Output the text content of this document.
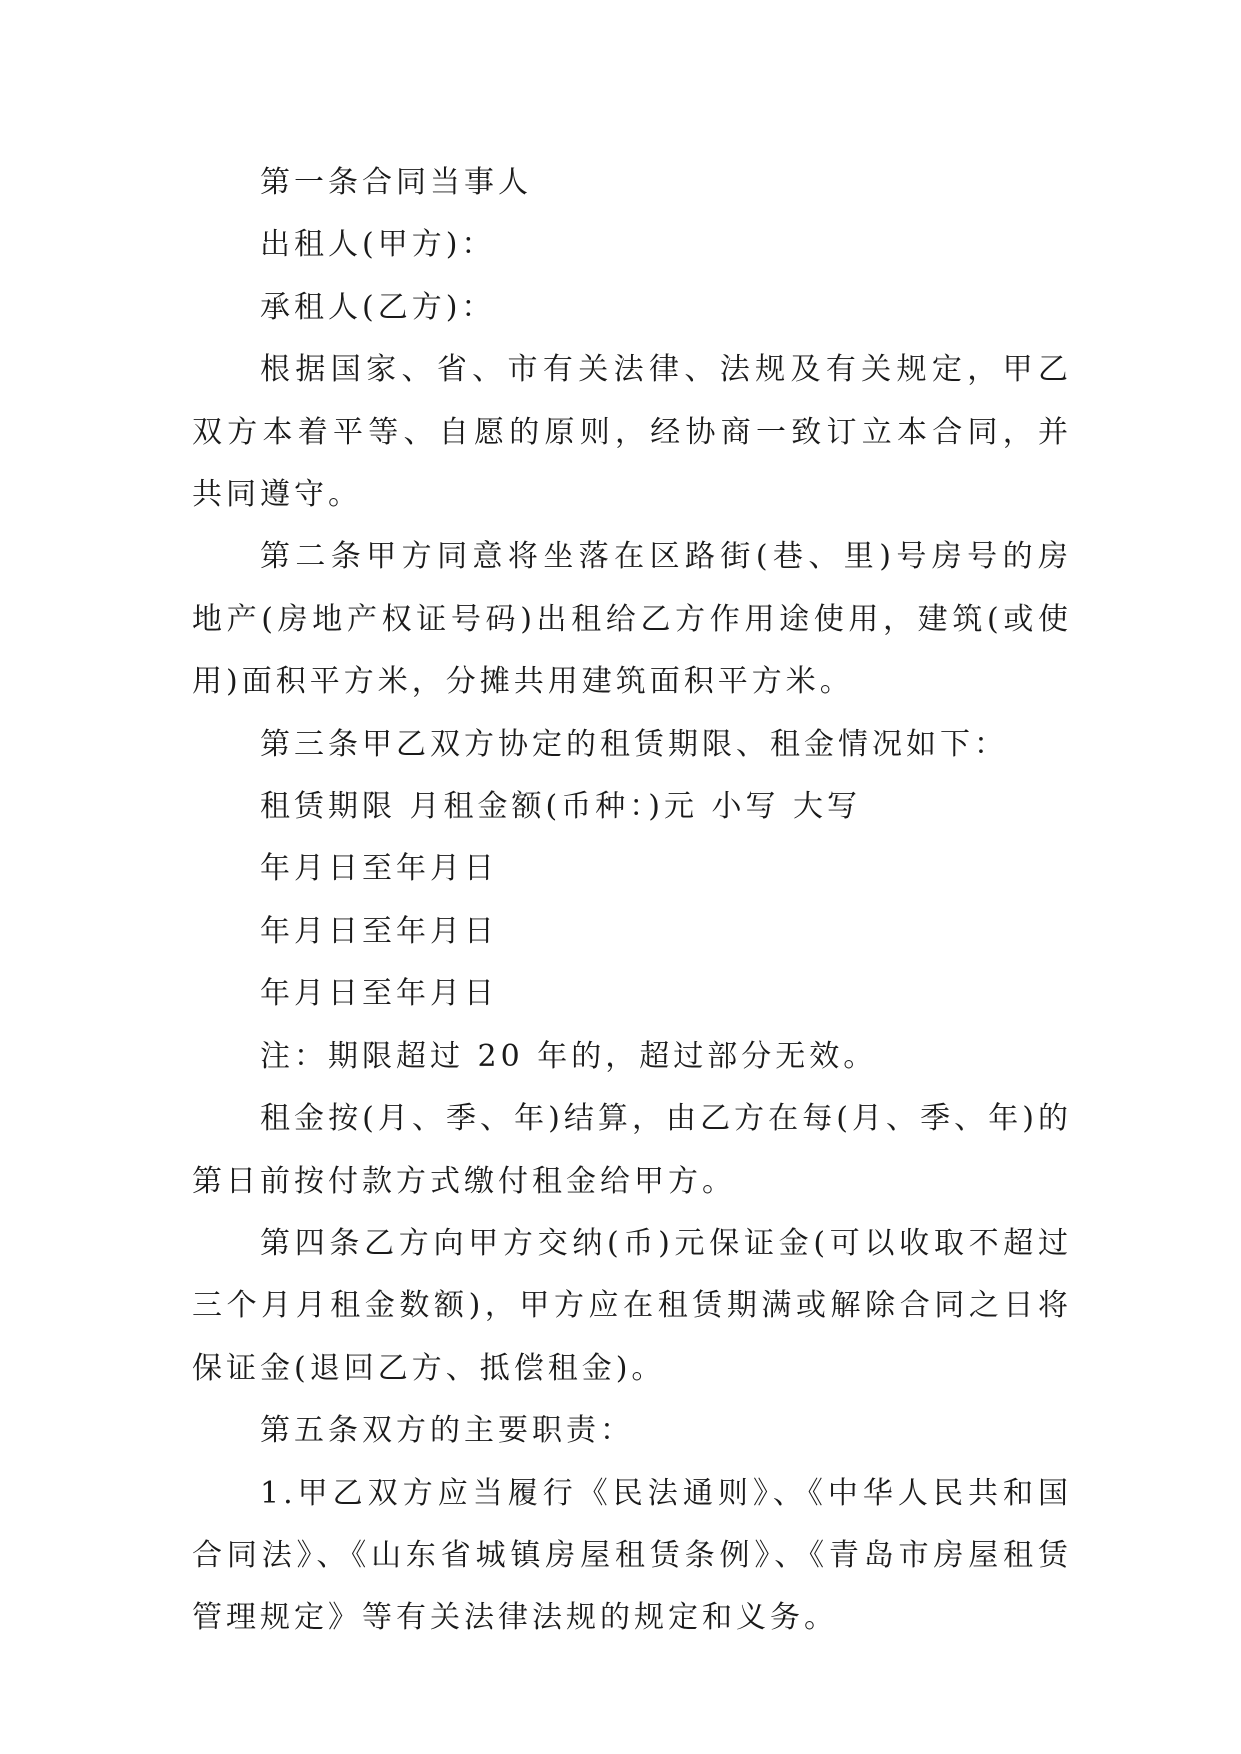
第一条合同当事人

出租人(甲方)：

承租人(乙方)：

根据国家、省、市有关法律、法规及有关规定，甲乙双方本着平等、自愿的原则，经协商一致订立本合同，并共同遵守。

第二条甲方同意将坐落在区路街(巷、里)号房号的房地产(房地产权证号码)出租给乙方作用途使用，建筑(或使用)面积平方米，分摊共用建筑面积平方米。

第三条甲乙双方协定的租赁期限、租金情况如下：

租赁期限 月租金额(币种：)元 小写 大写

年月日至年月日

年月日至年月日

年月日至年月日

注：期限超过 20 年的，超过部分无效。

租金按(月、季、年)结算，由乙方在每(月、季、年)的第日前按付款方式缴付租金给甲方。

第四条乙方向甲方交纳(币)元保证金(可以收取不超过三个月月租金数额)，甲方应在租赁期满或解除合同之日将保证金(退回乙方、抵偿租金)。

第五条双方的主要职责：

1.甲乙双方应当履行《民法通则》、《中华人民共和国合同法》、《山东省城镇房屋租赁条例》、《青岛市房屋租赁管理规定》等有关法律法规的规定和义务。
